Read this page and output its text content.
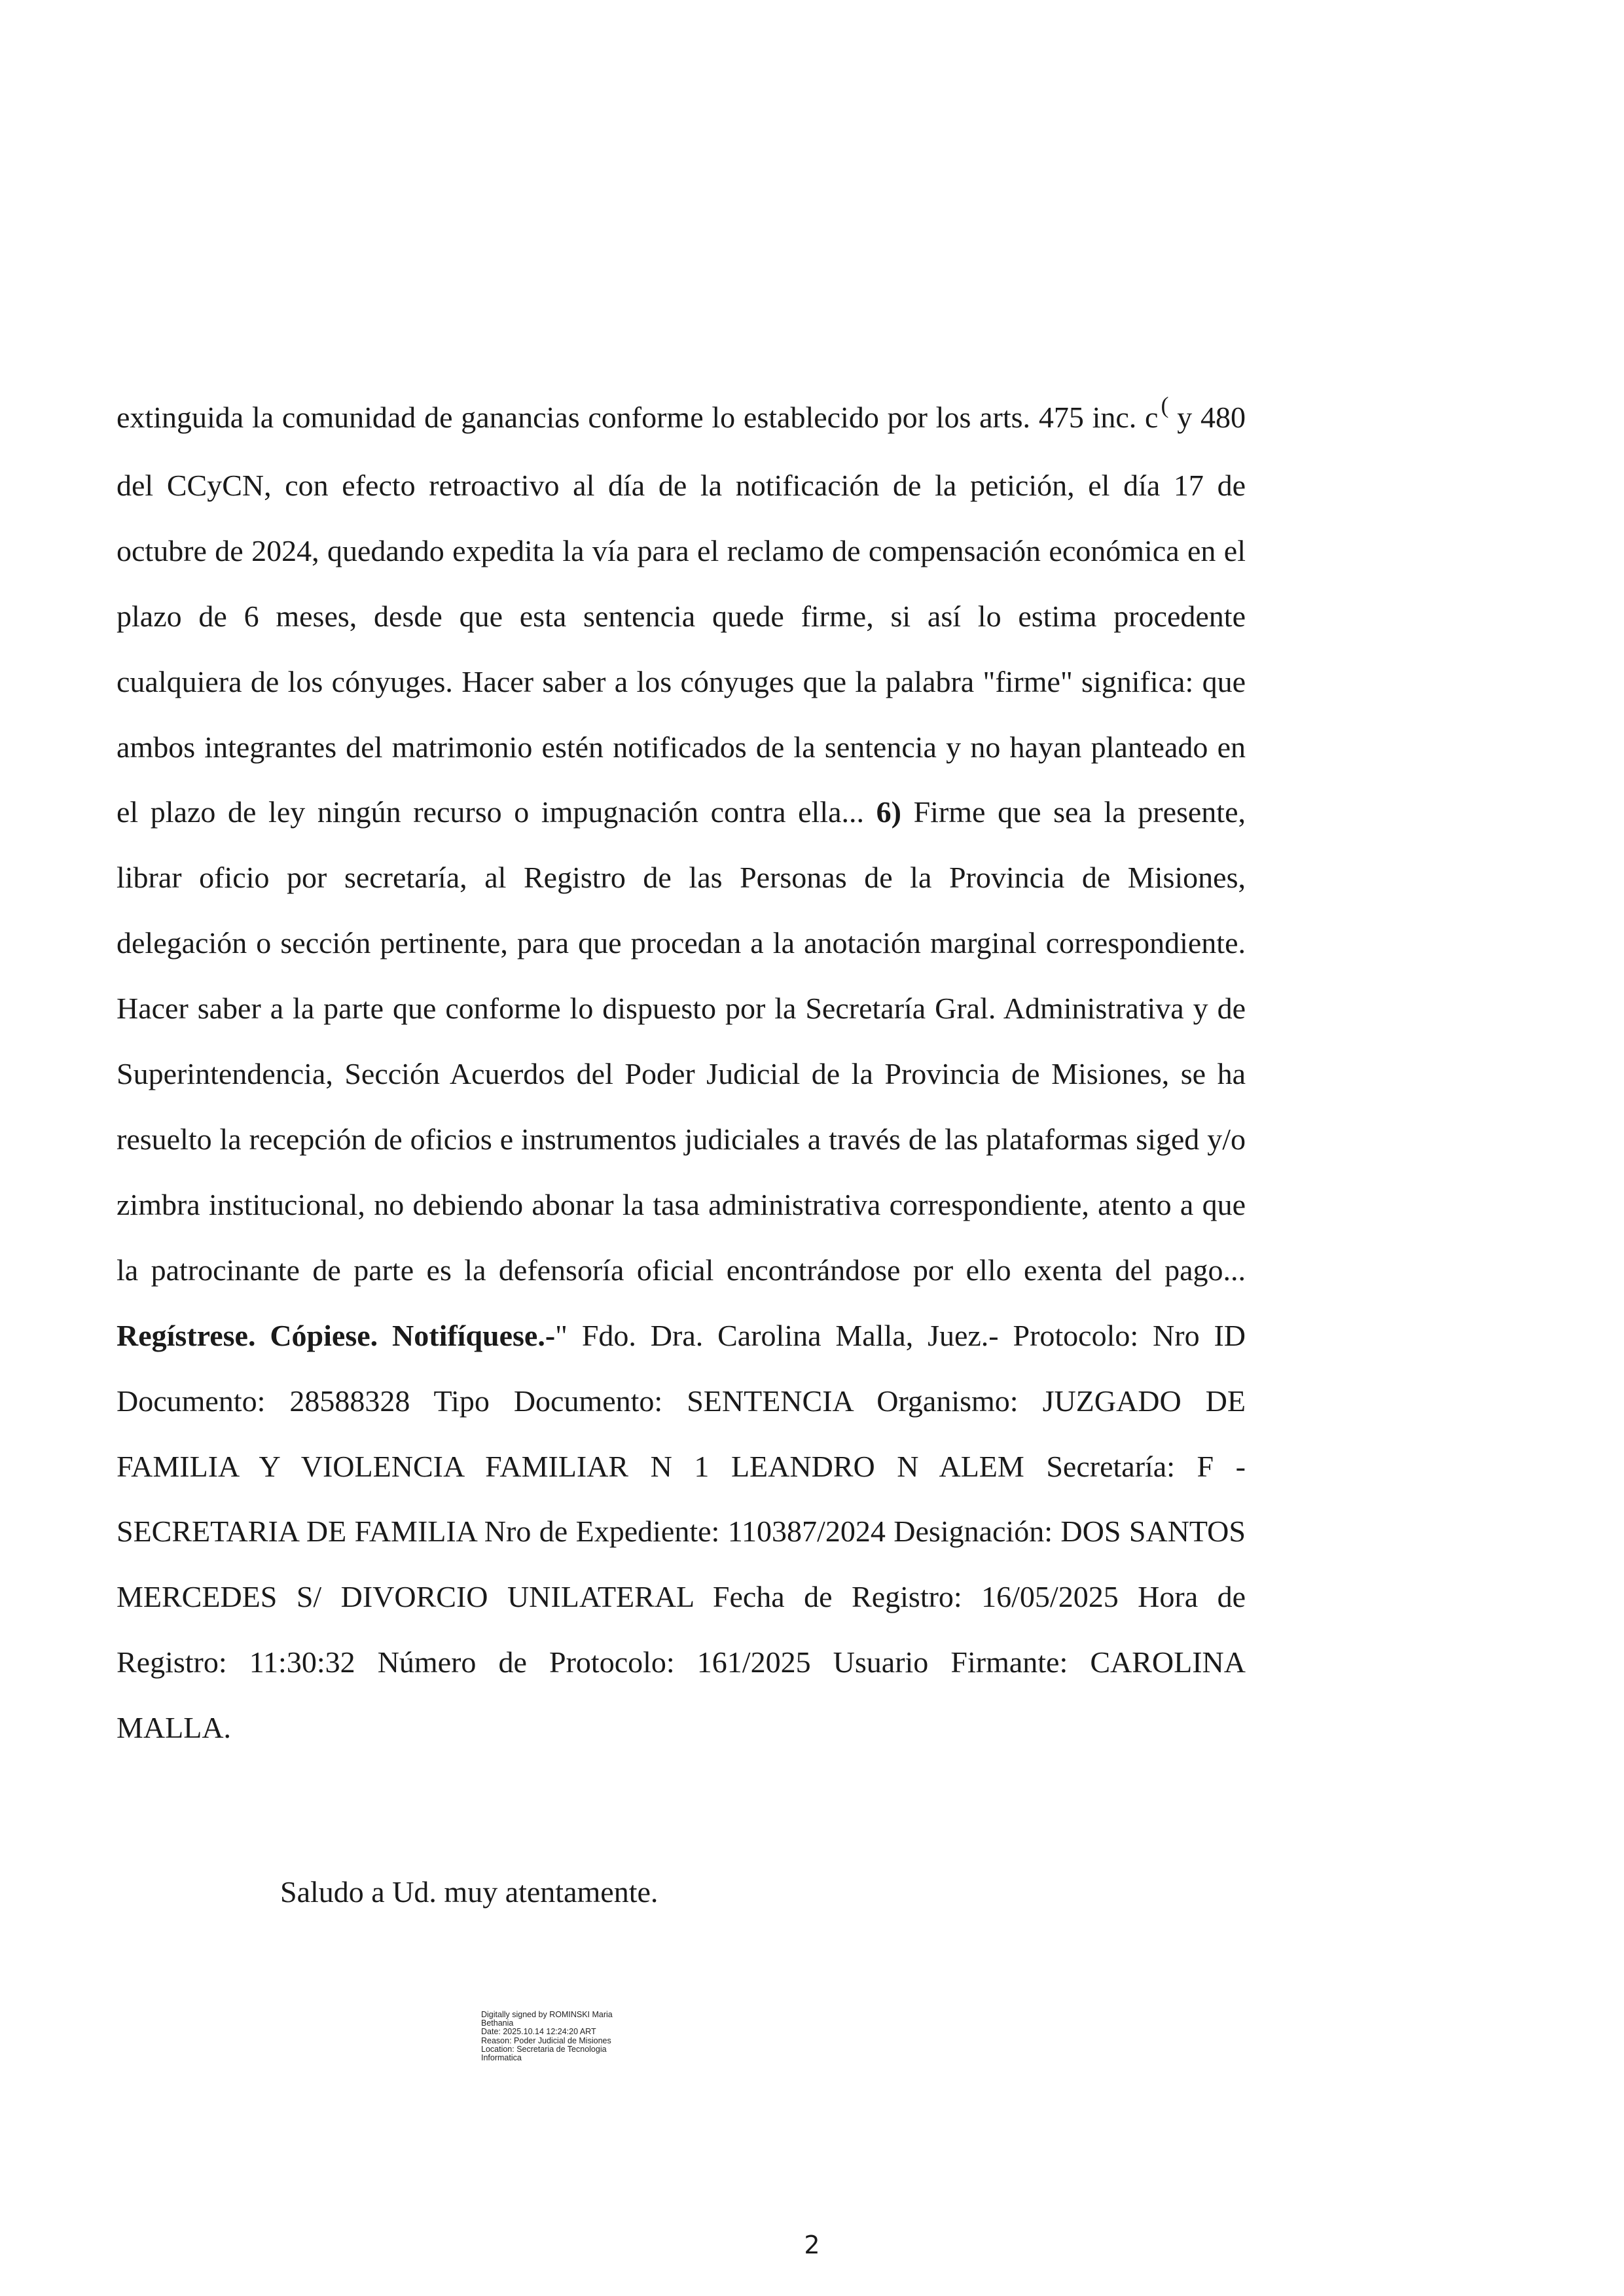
extinguida la comunidad de ganancias conforme lo establecido por los arts. 475 inc. c ( y 480 del CCyCN, con efecto retroactivo al día de la notificación de la petición, el día 17 de octubre de 2024, quedando expedita la vía para el reclamo de compensación económica en el plazo de 6 meses, desde que esta sentencia quede firme, si así lo estima procedente cualquiera de los cónyuges. Hacer saber a los cónyuges que la palabra "firme" significa: que ambos integrantes del matrimonio estén notificados de la sentencia y no hayan planteado en el plazo de ley ningún recurso o impugnación contra ella... 6) Firme que sea la presente, librar oficio por secretaría, al Registro de las Personas de la Provincia de Misiones, delegación o sección pertinente, para que procedan a la anotación marginal correspondiente. Hacer saber a la parte que conforme lo dispuesto por la Secretaría Gral. Administrativa y de Superintendencia, Sección Acuerdos del Poder Judicial de la Provincia de Misiones, se ha resuelto la recepción de oficios e instrumentos judiciales a través de las plataformas siged y/o zimbra institucional, no debiendo abonar la tasa administrativa correspondiente, atento a que la patrocinante de parte es la defensoría oficial encontrándose por ello exenta del pago... Regístrese. Cópiese. Notifíquese.-" Fdo. Dra. Carolina Malla, Juez.- Protocolo: Nro ID Documento: 28588328 Tipo Documento: SENTENCIA Organismo: JUZGADO DE FAMILIA Y VIOLENCIA FAMILIAR N 1 LEANDRO N ALEM Secretaría: F - SECRETARIA DE FAMILIA Nro de Expediente: 110387/2024 Designación: DOS SANTOS MERCEDES S/ DIVORCIO UNILATERAL Fecha de Registro: 16/05/2025 Hora de Registro: 11:30:32 Número de Protocolo: 161/2025 Usuario Firmante: CAROLINA MALLA.

Saludo a Ud. muy atentamente.

Digitally signed by ROMINSKI Maria
Bethania
Date: 2025.10.14 12:24:20 ART
Reason: Poder Judicial de Misiones
Location: Secretaria de Tecnologia
Informatica
2
